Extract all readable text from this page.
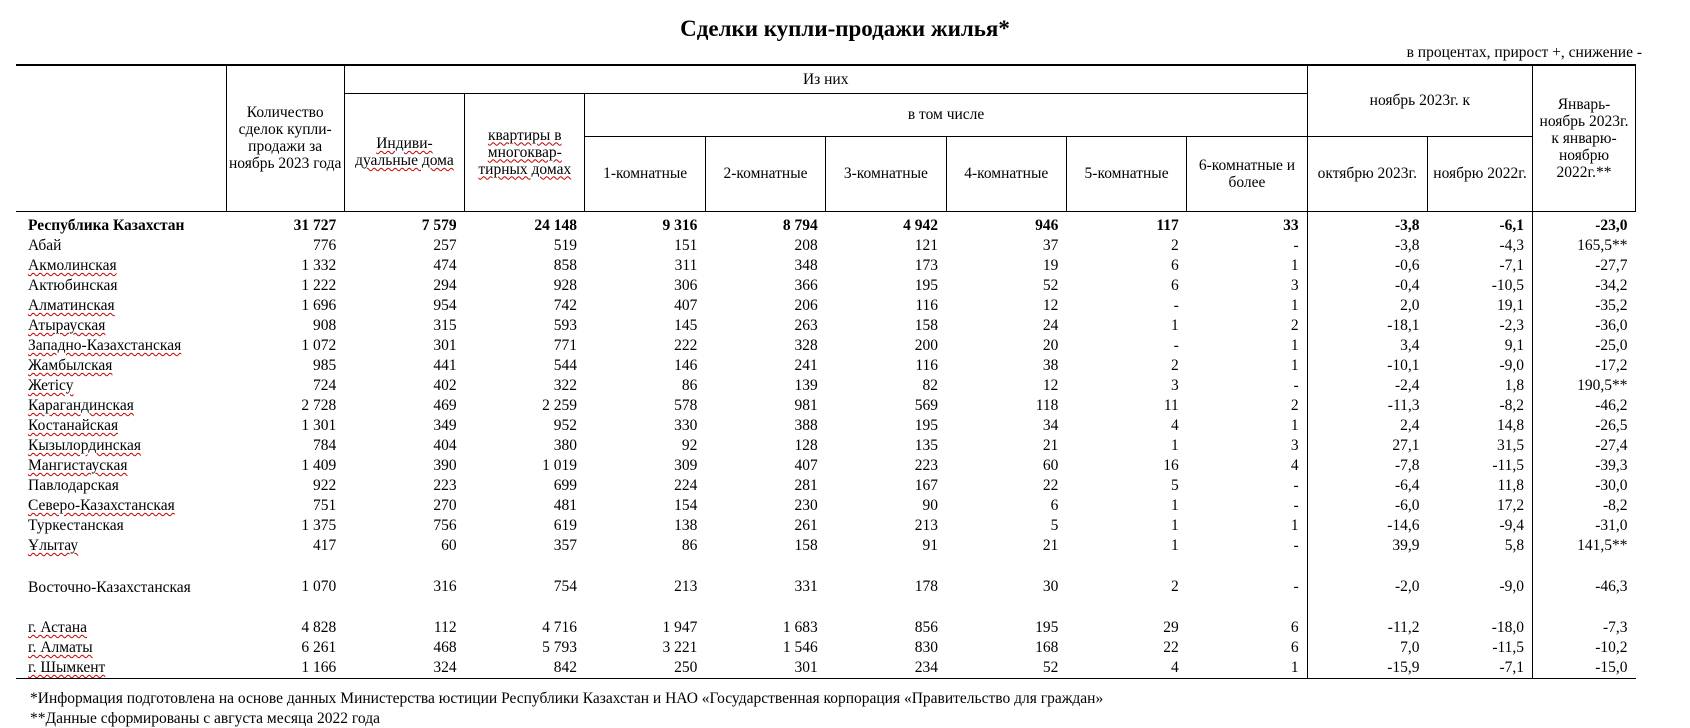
Сделки купли-продажи жилья*
в процентах, прирост +, снижение -
	Количество сделок купли-продажи за ноябрь 2023 года	Из них								ноябрь 2023г. к		Январь-ноябрь 2023г. к январю-ноябрю 2022г.**
		Индиви-дуальные дома	квартиры в многоквар-тирных домах	в том числе								
				1-комнатные	2-комнатные	3-комнатные	4-комнатные	5-комнатные	6-комнатные и более	октябрю 2023г.	ноябрю 2022г.	
Республика Казахстан	31 727	7 579	24 148	9 316	8 794	4 942	946	117	33	-3,8	-6,1	-23,0
Абай	776	257	519	151	208	121	37	2	-	-3,8	-4,3	165,5**
Акмолинская	1 332	474	858	311	348	173	19	6	1	-0,6	-7,1	-27,7
Актюбинская	1 222	294	928	306	366	195	52	6	3	-0,4	-10,5	-34,2
Алматинская	1 696	954	742	407	206	116	12	-	1	2,0	19,1	-35,2
Атырауская	908	315	593	145	263	158	24	1	2	-18,1	-2,3	-36,0
Западно-Казахстанская	1 072	301	771	222	328	200	20	-	1	3,4	9,1	-25,0
Жамбылская	985	441	544	146	241	116	38	2	1	-10,1	-9,0	-17,2
Жетісу	724	402	322	86	139	82	12	3	-	-2,4	1,8	190,5**
Карагандинская	2 728	469	2 259	578	981	569	118	11	2	-11,3	-8,2	-46,2
Костанайская	1 301	349	952	330	388	195	34	4	1	2,4	14,8	-26,5
Кызылординская	784	404	380	92	128	135	21	1	3	27,1	31,5	-27,4
Мангистауская	1 409	390	1 019	309	407	223	60	16	4	-7,8	-11,5	-39,3
Павлодарская	922	223	699	224	281	167	22	5	-	-6,4	11,8	-30,0
Северо-Казахстанская	751	270	481	154	230	90	6	1	-	-6,0	17,2	-8,2
Туркестанская	1 375	756	619	138	261	213	5	1	1	-14,6	-9,4	-31,0
Ұлытау	417	60	357	86	158	91	21	1	-	39,9	5,8	141,5**
Восточно-Казахстанская	1 070	316	754	213	331	178	30	2	-	-2,0	-9,0	-46,3
г. Астана	4 828	112	4 716	1 947	1 683	856	195	29	6	-11,2	-18,0	-7,3
г. Алматы	6 261	468	5 793	3 221	1 546	830	168	22	6	7,0	-11,5	-10,2
г. Шымкент	1 166	324	842	250	301	234	52	4	1	-15,9	-7,1	-15,0
*Информация подготовлена на основе данных Министерства юстиции Республики Казахстан и НАО «Государственная корпорация «Правительство для граждан»
**Данные сформированы с августа месяца 2022 года
